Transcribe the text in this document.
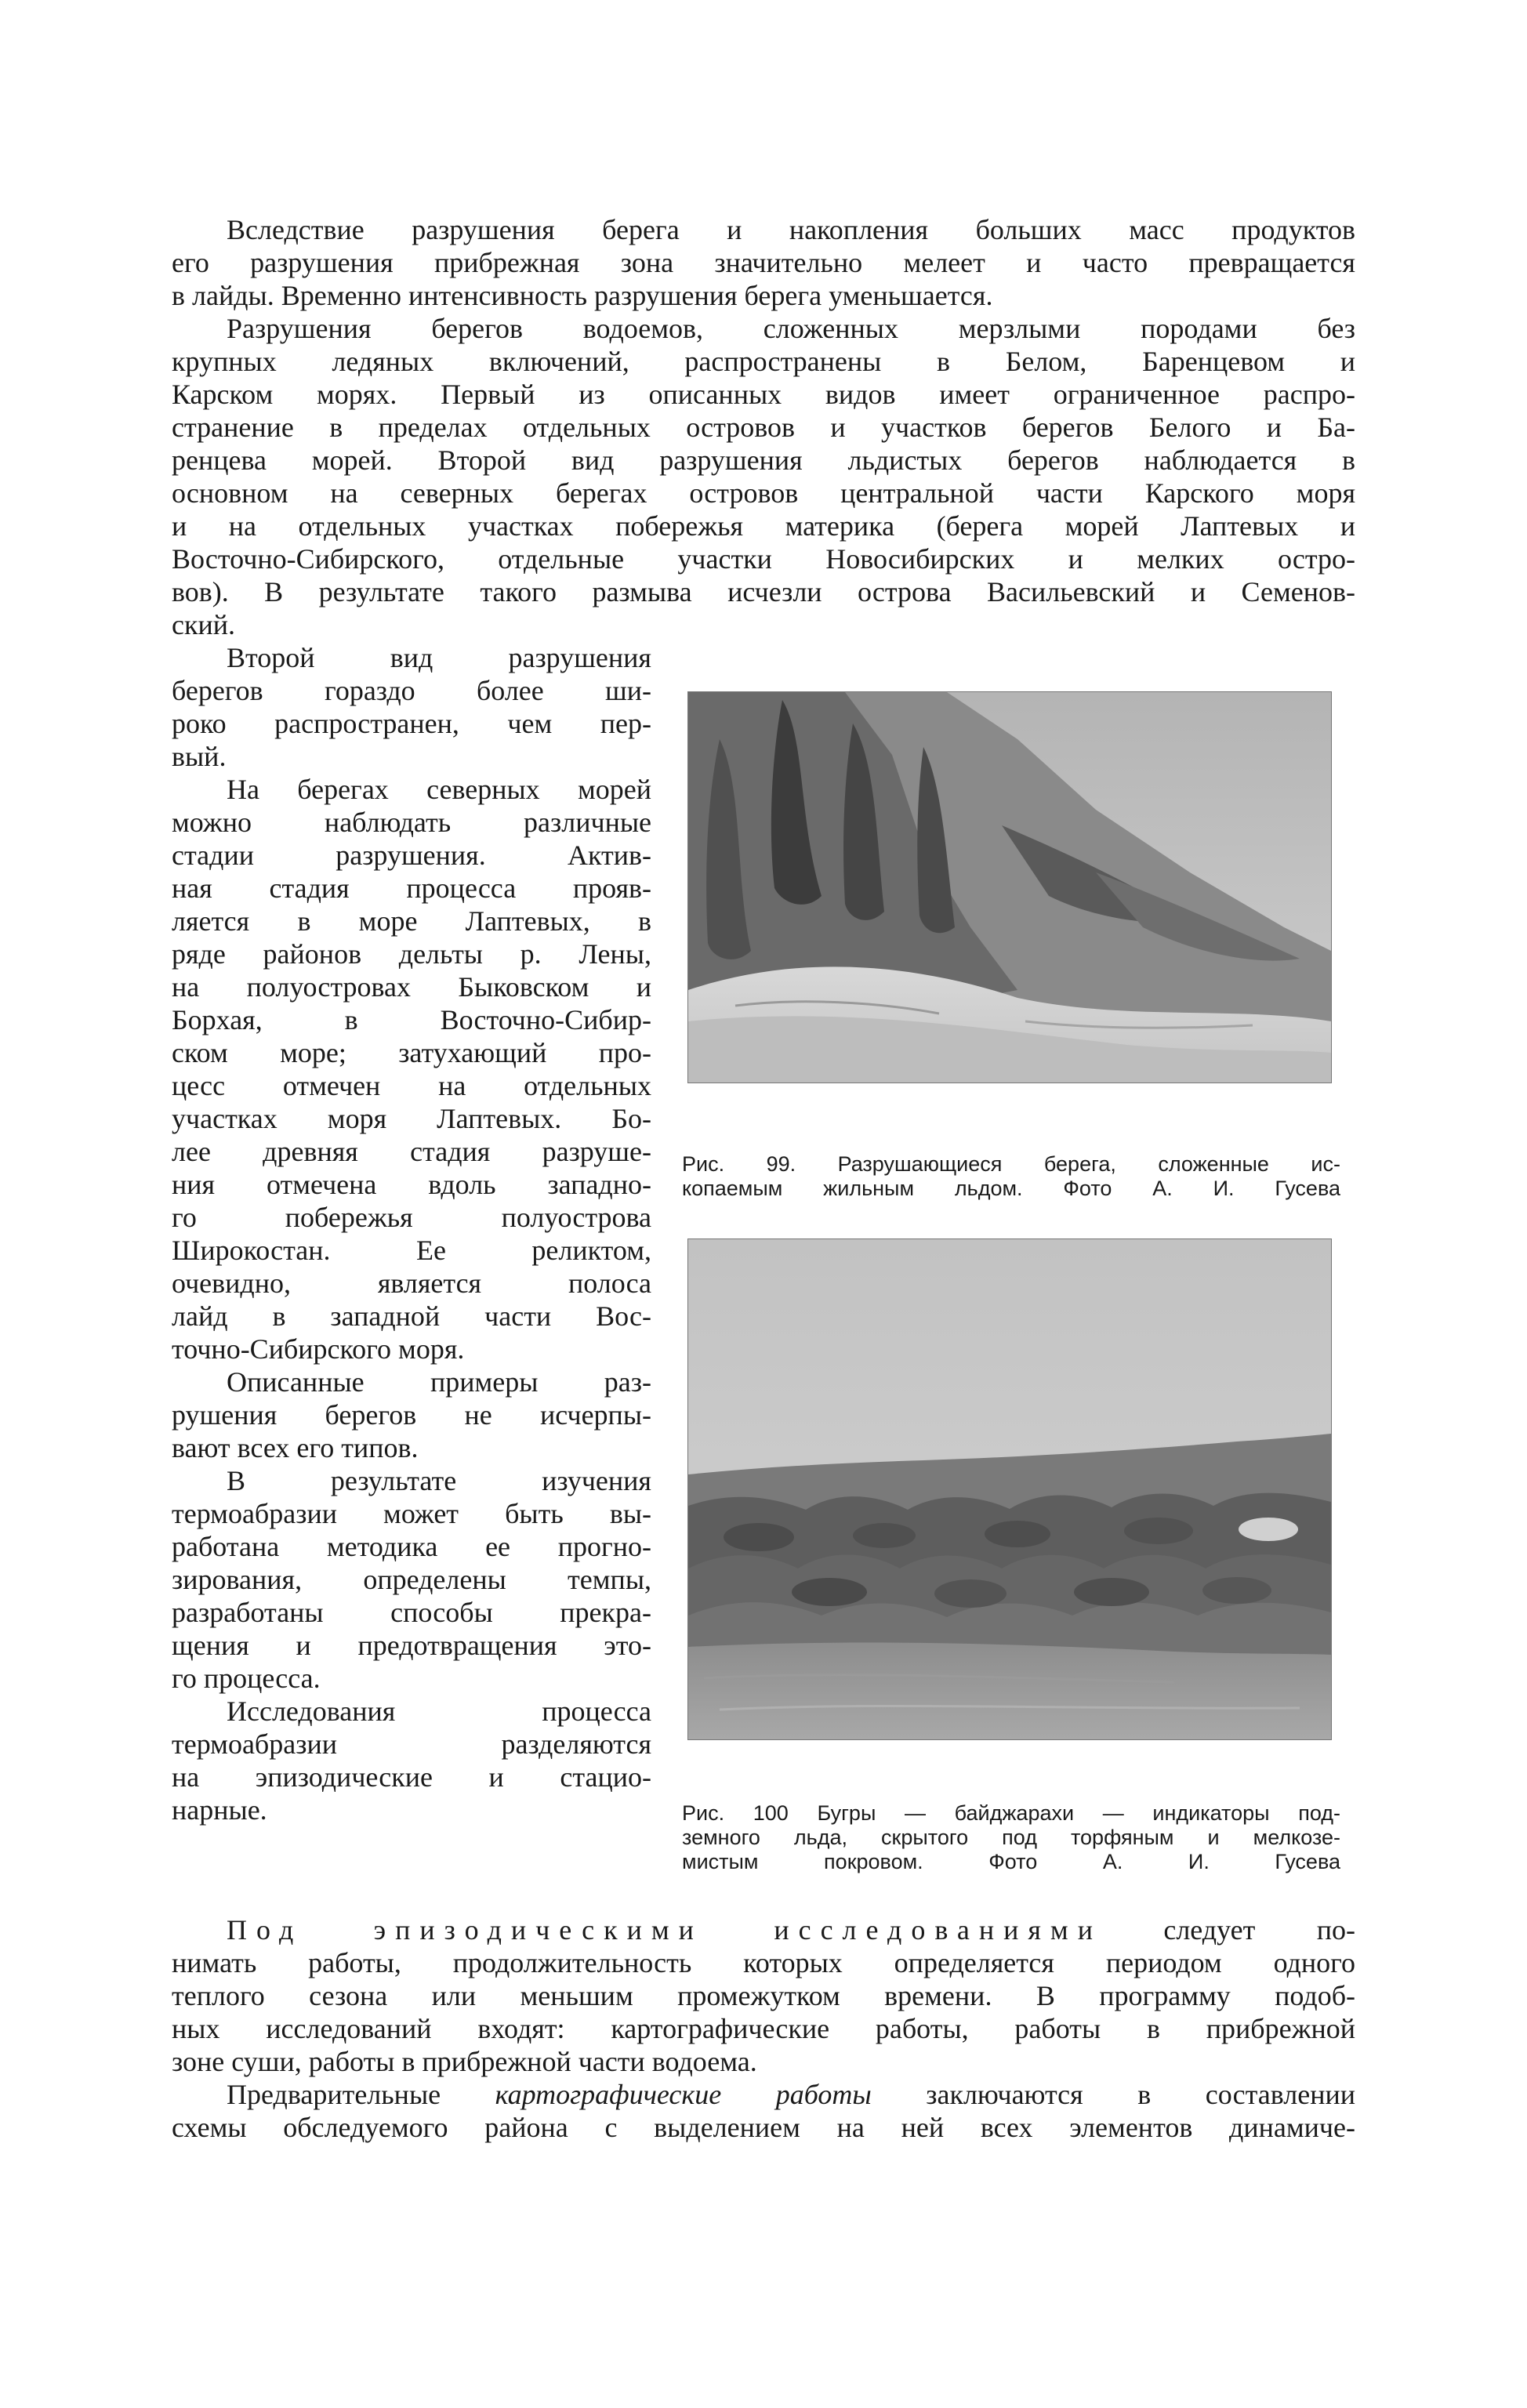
Вследствие разрушения берега и накопления больших масс продуктов
его разрушения прибрежная зона значительно мелеет и часто превращается
в лайды. Временно интенсивность разрушения берега уменьшается.
Разрушения берегов водоемов, сложенных мерзлыми породами без
крупных ледяных включений, распространены в Белом, Баренцевом и
Карском морях. Первый из описанных видов имеет ограниченное распро-
странение в пределах отдельных островов и участков берегов Белого и Ба-
ренцева морей. Второй вид разрушения льдистых берегов наблюдается в
основном на северных берегах островов центральной части Карского моря
и на отдельных участках побережья материка (берега морей Лаптевых и
Восточно-Сибирского, отдельные участки Новосибирских и мелких остро-
вов). В результате такого размыва исчезли острова Васильевский и Семенов-
ский.
Второй вид разрушения
берегов гораздо более ши-
роко распространен, чем пер-
вый.
На берегах северных морей
можно наблюдать различные
стадии разрушения. Актив-
ная стадия процесса прояв-
ляется в море Лаптевых, в
ряде районов дельты р. Лены,
на полуостровах Быковском и
Борхая, в Восточно-Сибир-
ском море; затухающий про-
цесс отмечен на отдельных
участках моря Лаптевых. Бо-
лее древняя стадия разруше-
ния отмечена вдоль западно-
го побережья полуострова
Широкостан. Ее реликтом,
очевидно, является полоса
лайд в западной части Вос-
точно-Сибирского моря.
Описанные примеры раз-
рушения берегов не исчерпы-
вают всех его типов.
В результате изучения
термоабразии может быть вы-
работана методика ее прогно-
зирования, определены темпы,
разработаны способы прекра-
щения и предотвращения это-
го процесса.
Исследования процесса
термоабразии разделяются
на эпизодические и стацио-
нарные.
Рис. 99. Разрушающиеся берега, сложенные ис-
копаемым жильным льдом. Фото А. И. Гусева
Рис. 100 Бугры — байджарахи — индикаторы под-
земного льда, скрытого под торфяным и мелкозе-
мистым покровом. Фото А. И. Гусева
Под эпизодическими исследованиями следует по-
нимать работы, продолжительность которых определяется периодом одного
теплого сезона или меньшим промежутком времени. В программу подоб-
ных исследований входят: картографические работы, работы в прибрежной
зоне суши, работы в прибрежной части водоема.
Предварительные картографические работы заключаются в составлении
схемы обследуемого района с выделением на ней всех элементов динамиче-
